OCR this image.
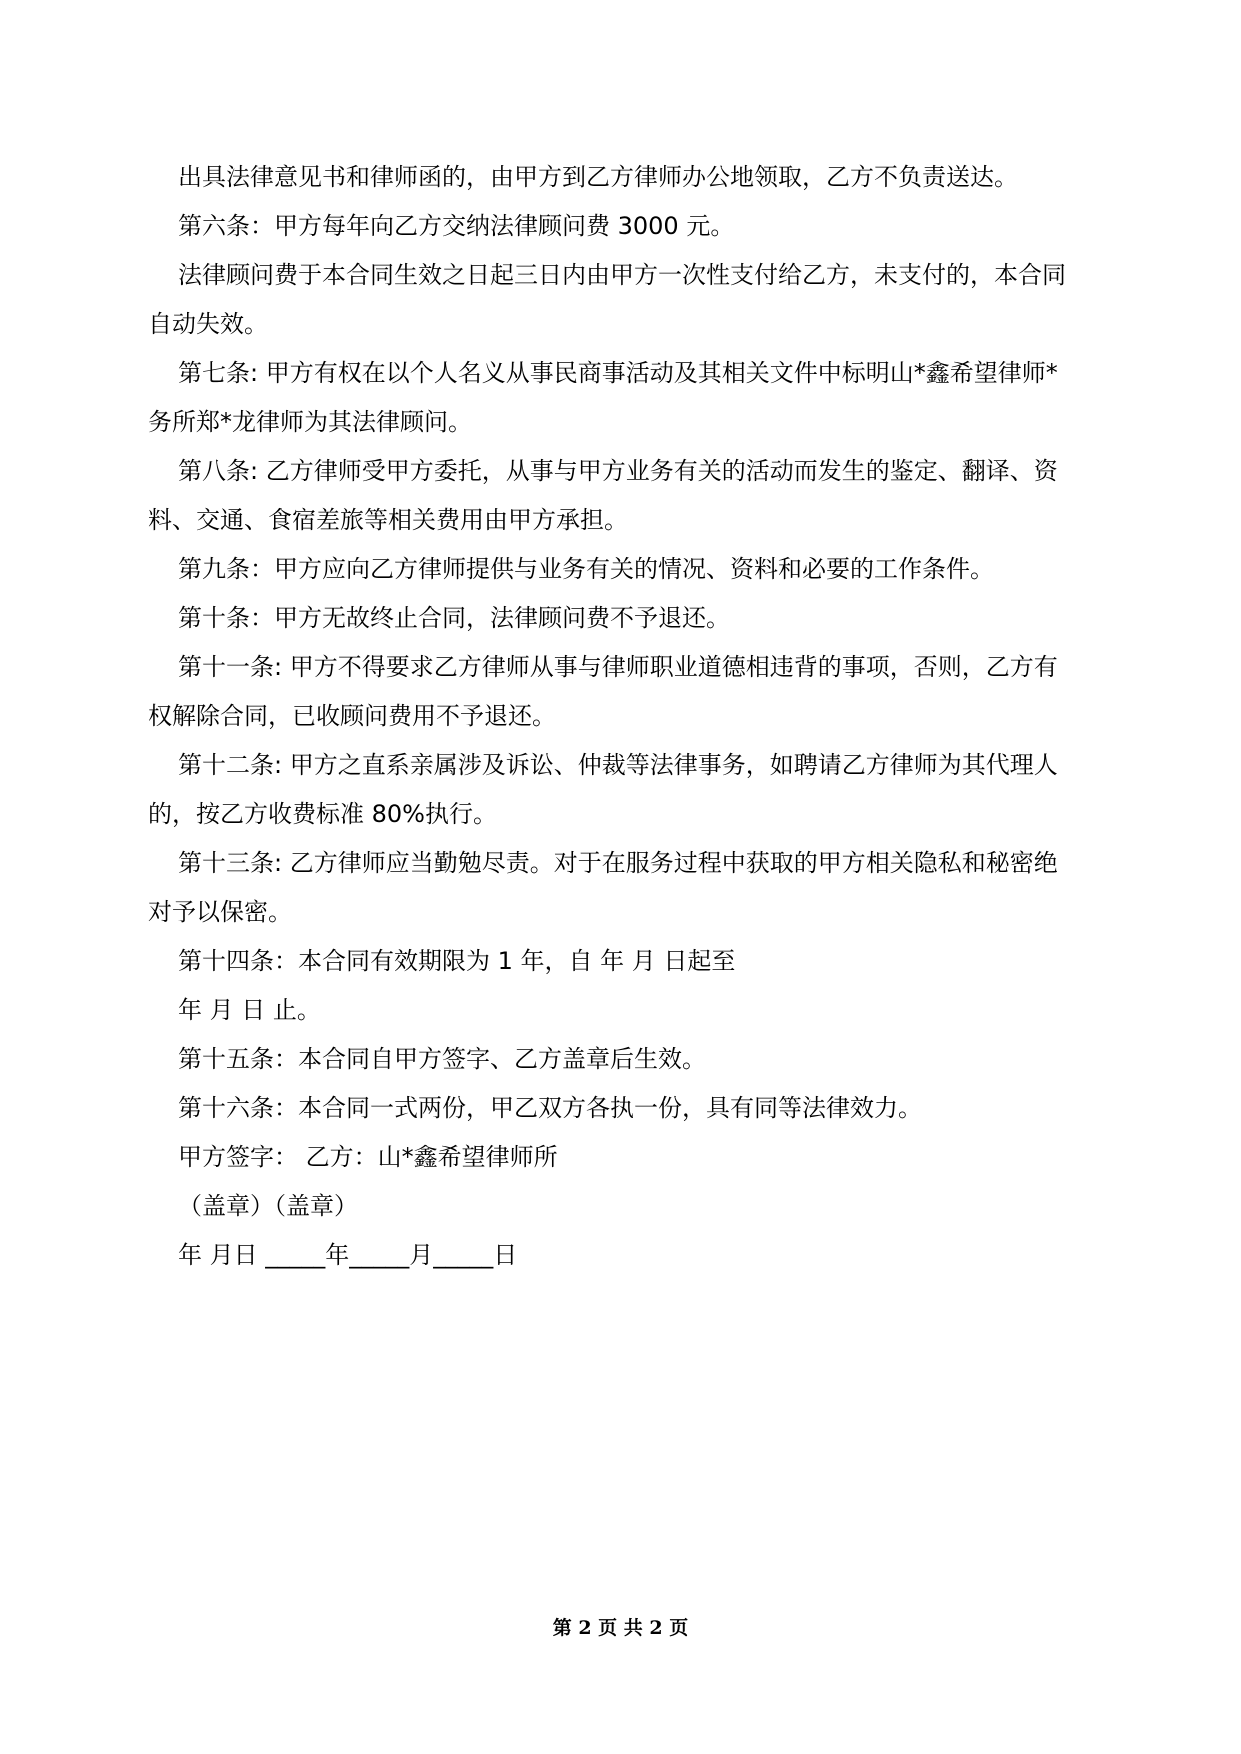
出具法律意见书和律师函的，由甲方到乙方律师办公地领取，乙方不负责送达。
第六条：甲方每年向乙方交纳法律顾问费 3000 元。
法律顾问费于本合同生效之日起三日内由甲方一次性支付给乙方，未支付的，本合同
自动失效。
第七条: 甲方有权在以个人名义从事民商事活动及其相关文件中标明山*鑫希望律师*
务所郑*龙律师为其法律顾问。
第八条: 乙方律师受甲方委托，从事与甲方业务有关的活动而发生的鉴定、翻译、资
料、交通、食宿差旅等相关费用由甲方承担。
第九条：甲方应向乙方律师提供与业务有关的情况、资料和必要的工作条件。
第十条：甲方无故终止合同，法律顾问费不予退还。
第十一条: 甲方不得要求乙方律师从事与律师职业道德相违背的事项，否则，乙方有
权解除合同，已收顾问费用不予退还。
第十二条: 甲方之直系亲属涉及诉讼、仲裁等法律事务，如聘请乙方律师为其代理人
的，按乙方收费标准 80%执行。
第十三条: 乙方律师应当勤勉尽责。对于在服务过程中获取的甲方相关隐私和秘密绝
对予以保密。
第十四条：本合同有效期限为 1 年，自 年 月 日起至
年 月 日 止。
第十五条：本合同自甲方签字、乙方盖章后生效。
第十六条：本合同一式两份，甲乙双方各执一份，具有同等法律效力。
甲方签字： 乙方：山*鑫希望律师所
（盖章）（盖章）
年 月日 _____年_____月_____日
第 2 页 共 2 页
